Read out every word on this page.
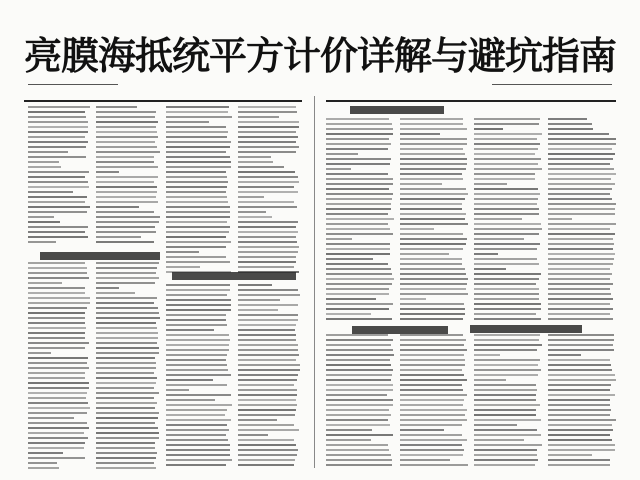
亮膜海抵统平方计价详解与避坑指南
